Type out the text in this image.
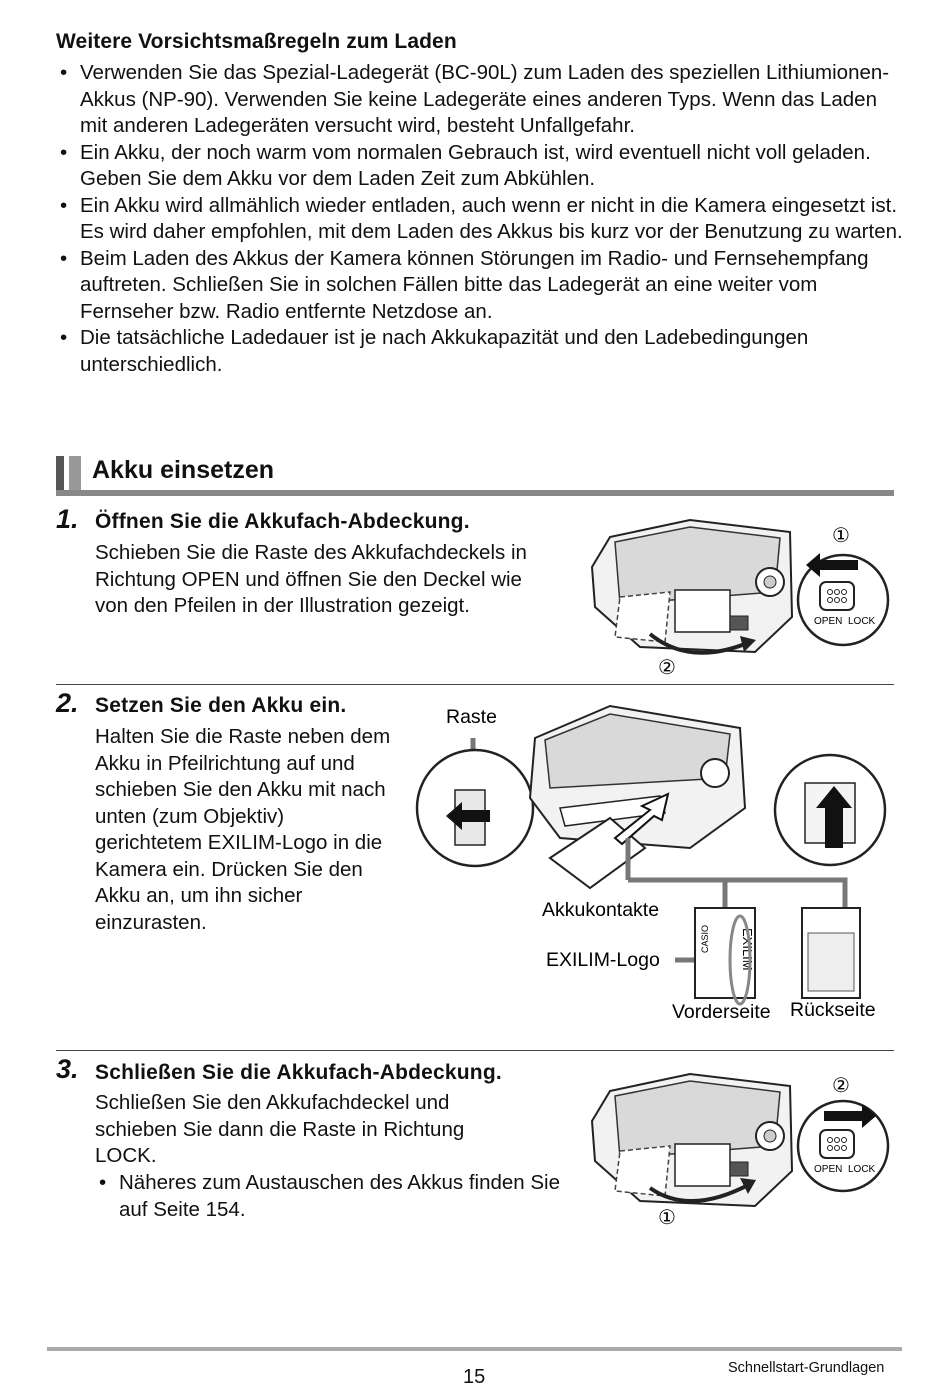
Weitere Vorsichtsmaßregeln zum Laden
• Verwenden Sie das Spezial-Ladegerät (BC-90L) zum Laden des speziellen Lithiumionen-Akkus (NP-90). Verwenden Sie keine Ladegeräte eines anderen Typs. Wenn das Laden mit anderen Ladegeräten versucht wird, besteht Unfallgefahr.
• Ein Akku, der noch warm vom normalen Gebrauch ist, wird eventuell nicht voll geladen. Geben Sie dem Akku vor dem Laden Zeit zum Abkühlen.
• Ein Akku wird allmählich wieder entladen, auch wenn er nicht in die Kamera eingesetzt ist. Es wird daher empfohlen, mit dem Laden des Akkus bis kurz vor der Benutzung zu warten.
• Beim Laden des Akkus der Kamera können Störungen im Radio- und Fernsehempfang auftreten. Schließen Sie in solchen Fällen bitte das Ladegerät an eine weiter vom Fernseher bzw. Radio entfernte Netzdose an.
• Die tatsächliche Ladedauer ist je nach Akkukapazität und den Ladebedingungen unterschiedlich.
Akku einsetzen
1. Öffnen Sie die Akkufach-Abdeckung.
Schieben Sie die Raste des Akkufachdeckels in Richtung OPEN und öffnen Sie den Deckel wie von den Pfeilen in der Illustration gezeigt.
OPEN LOCK
①
②
2. Setzen Sie den Akku ein.
Halten Sie die Raste neben dem Akku in Pfeilrichtung auf und schieben Sie den Akku mit nach unten (zum Objektiv) gerichtetem EXILIM-Logo in die Kamera ein. Drücken Sie den Akku an, um ihn sicher einzurasten.
CASIO EXILIM
Raste
Akkukontakte
EXILIM-Logo
Vorderseite Rückseite
3. Schließen Sie die Akkufach-Abdeckung.
Schließen Sie den Akkufachdeckel und schieben Sie dann die Raste in Richtung LOCK.
• Näheres zum Austauschen des Akkus finden Sie auf Seite 154.
OPEN LOCK
②
①
15	Schnellstart-Grundlagen
